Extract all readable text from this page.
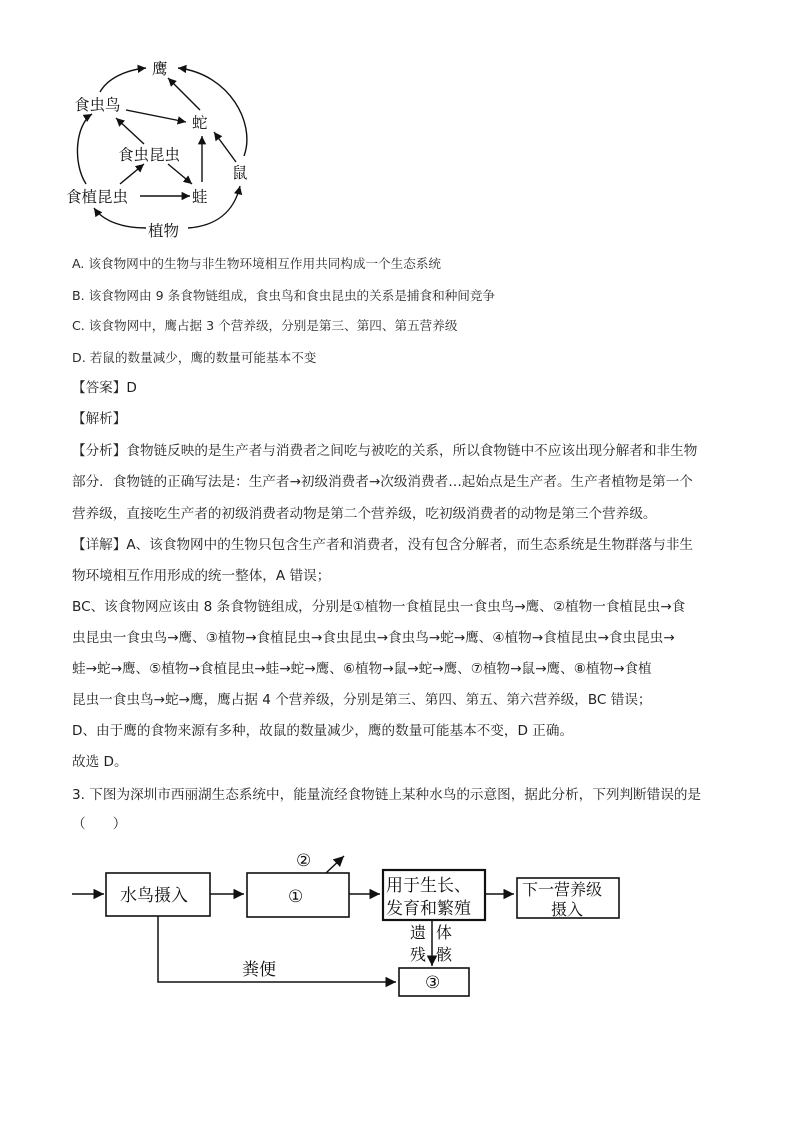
鹰
食虫鸟
蛇
食虫昆虫
鼠
食植昆虫	蛙
植物
A. 该食物网中的生物与非生物环境相互作用共同构成一个生态系统
B. 该食物网由 9 条食物链组成，食虫鸟和食虫昆虫的关系是捕食和种间竞争
C. 该食物网中，鹰占据 3 个营养级，分别是第三、第四、第五营养级
D. 若鼠的数量减少，鹰的数量可能基本不变
【答案】D
【解析】
【分析】食物链反映的是生产者与消费者之间吃与被吃的关系，所以食物链中不应该出现分解者和非生物
部分．食物链的正确写法是：生产者→初级消费者→次级消费者…起始点是生产者。生产者植物是第一个
营养级，直接吃生产者的初级消费者动物是第二个营养级，吃初级消费者的动物是第三个营养级。
【详解】A、该食物网中的生物只包含生产者和消费者，没有包含分解者，而生态系统是生物群落与非生
物环境相互作用形成的统一整体，A 错误；
BC、该食物网应该由 8 条食物链组成，分别是①植物一食植昆虫一食虫鸟→鹰、②植物一食植昆虫→食
虫昆虫一食虫鸟→鹰、③植物→食植昆虫→食虫昆虫→食虫鸟→蛇→鹰、④植物→食植昆虫→食虫昆虫→
蛙→蛇→鹰、⑤植物→食植昆虫→蛙→蛇→鹰、⑥植物→鼠→蛇→鹰、⑦植物→鼠→鹰、⑧植物→食植
昆虫一食虫鸟→蛇→鹰，鹰占据 4 个营养级，分别是第三、第四、第五、第六营养级，BC 错误；
D、由于鹰的食物来源有多种，故鼠的数量减少，鹰的数量可能基本不变，D 正确。
故选 D。
3. 下图为深圳市西丽湖生态系统中，能量流经食物链上某种水鸟的示意图，据此分析，下列判断错误的是
（　　）
水鸟摄入	①
②
用于生长、
发育和繁殖
下一营养级
摄入
遗 体
残 骸
粪便
③
